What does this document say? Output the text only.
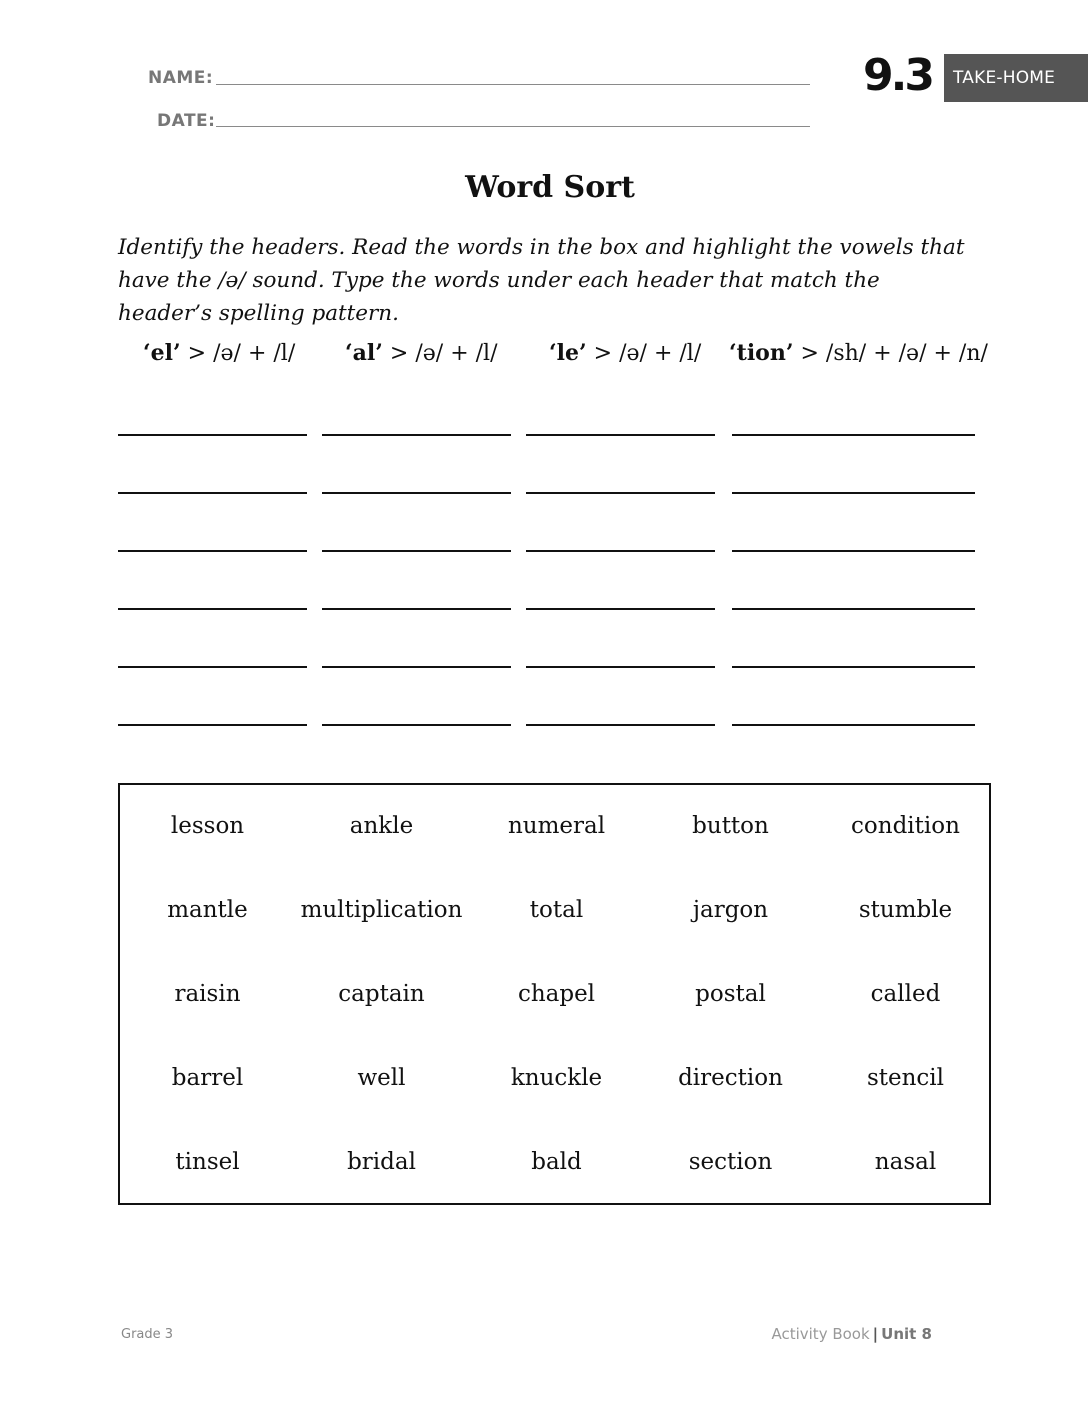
NAME:
DATE:
9.3	TAKE-HOME
Word Sort
Identify the headers. Read the words in the box and highlight the vowels that have the /ə/ sound. Type the words under each header that match the header’s spelling pattern.
‘el’ > /ə/ + /l/ ‘al’ > /ə/ + /l/ ‘le’ > /ə/ + /l/ ‘tion’ > /sh/ + /ə/ + /n/
lesson	ankle	numeral	button	condition
mantle	multiplication	total	jargon	stumble
raisin	captain	chapel	postal	called
barrel	well	knuckle	direction	stencil
tinsel	bridal	bald	section	nasal
Grade 3	Activity Book | Unit 8
